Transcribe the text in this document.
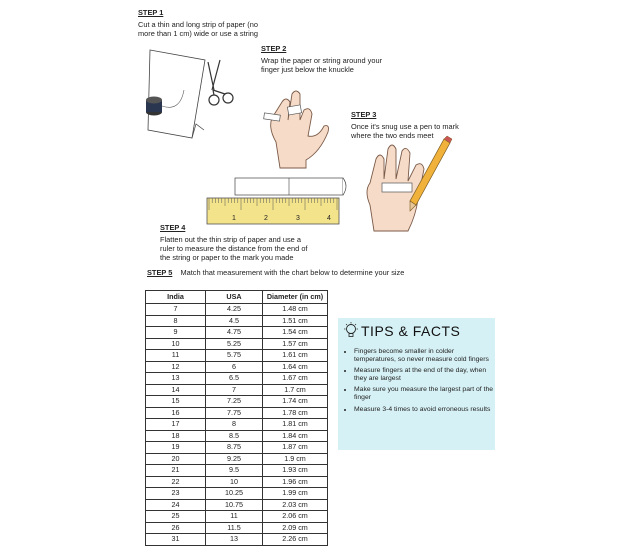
STEP 1
Cut a thin and long strip of paper (no
more than 1 cm) wide or use a string
STEP 2
Wrap the paper or string around your
finger just below the knuckle
STEP 3
Once it's snug use a pen to mark
where the two ends meet
1	2	3	4
STEP 4
Flatten out the thin strip of paper and use a
ruler to measure the distance from the end of
the string or paper to the mark you made
STEP 5 Match that measurement with the chart below to determine your size
India	USA	Diameter (in cm)
7	4.25	1.48 cm
8	4.5	1.51 cm
9	4.75	1.54 cm
10	5.25	1.57 cm
11	5.75	1.61 cm
12	6	1.64 cm
13	6.5	1.67 cm
14	7	1.7 cm
15	7.25	1.74 cm
16	7.75	1.78 cm
17	8	1.81 cm
18	8.5	1.84 cm
19	8.75	1.87 cm
20	9.25	1.9 cm
21	9.5	1.93 cm
22	10	1.96 cm
23	10.25	1.99 cm
24	10.75	2.03 cm
25	11	2.06 cm
26	11.5	2.09 cm
31	13	2.26 cm
TIPS & FACTS
• Fingers become smaller in colder temperatures, so never measure cold fingers
• Measure fingers at the end of the day, when they are largest
• Make sure you measure the largest part of the finger
• Measure 3-4 times to avoid erroneous results
